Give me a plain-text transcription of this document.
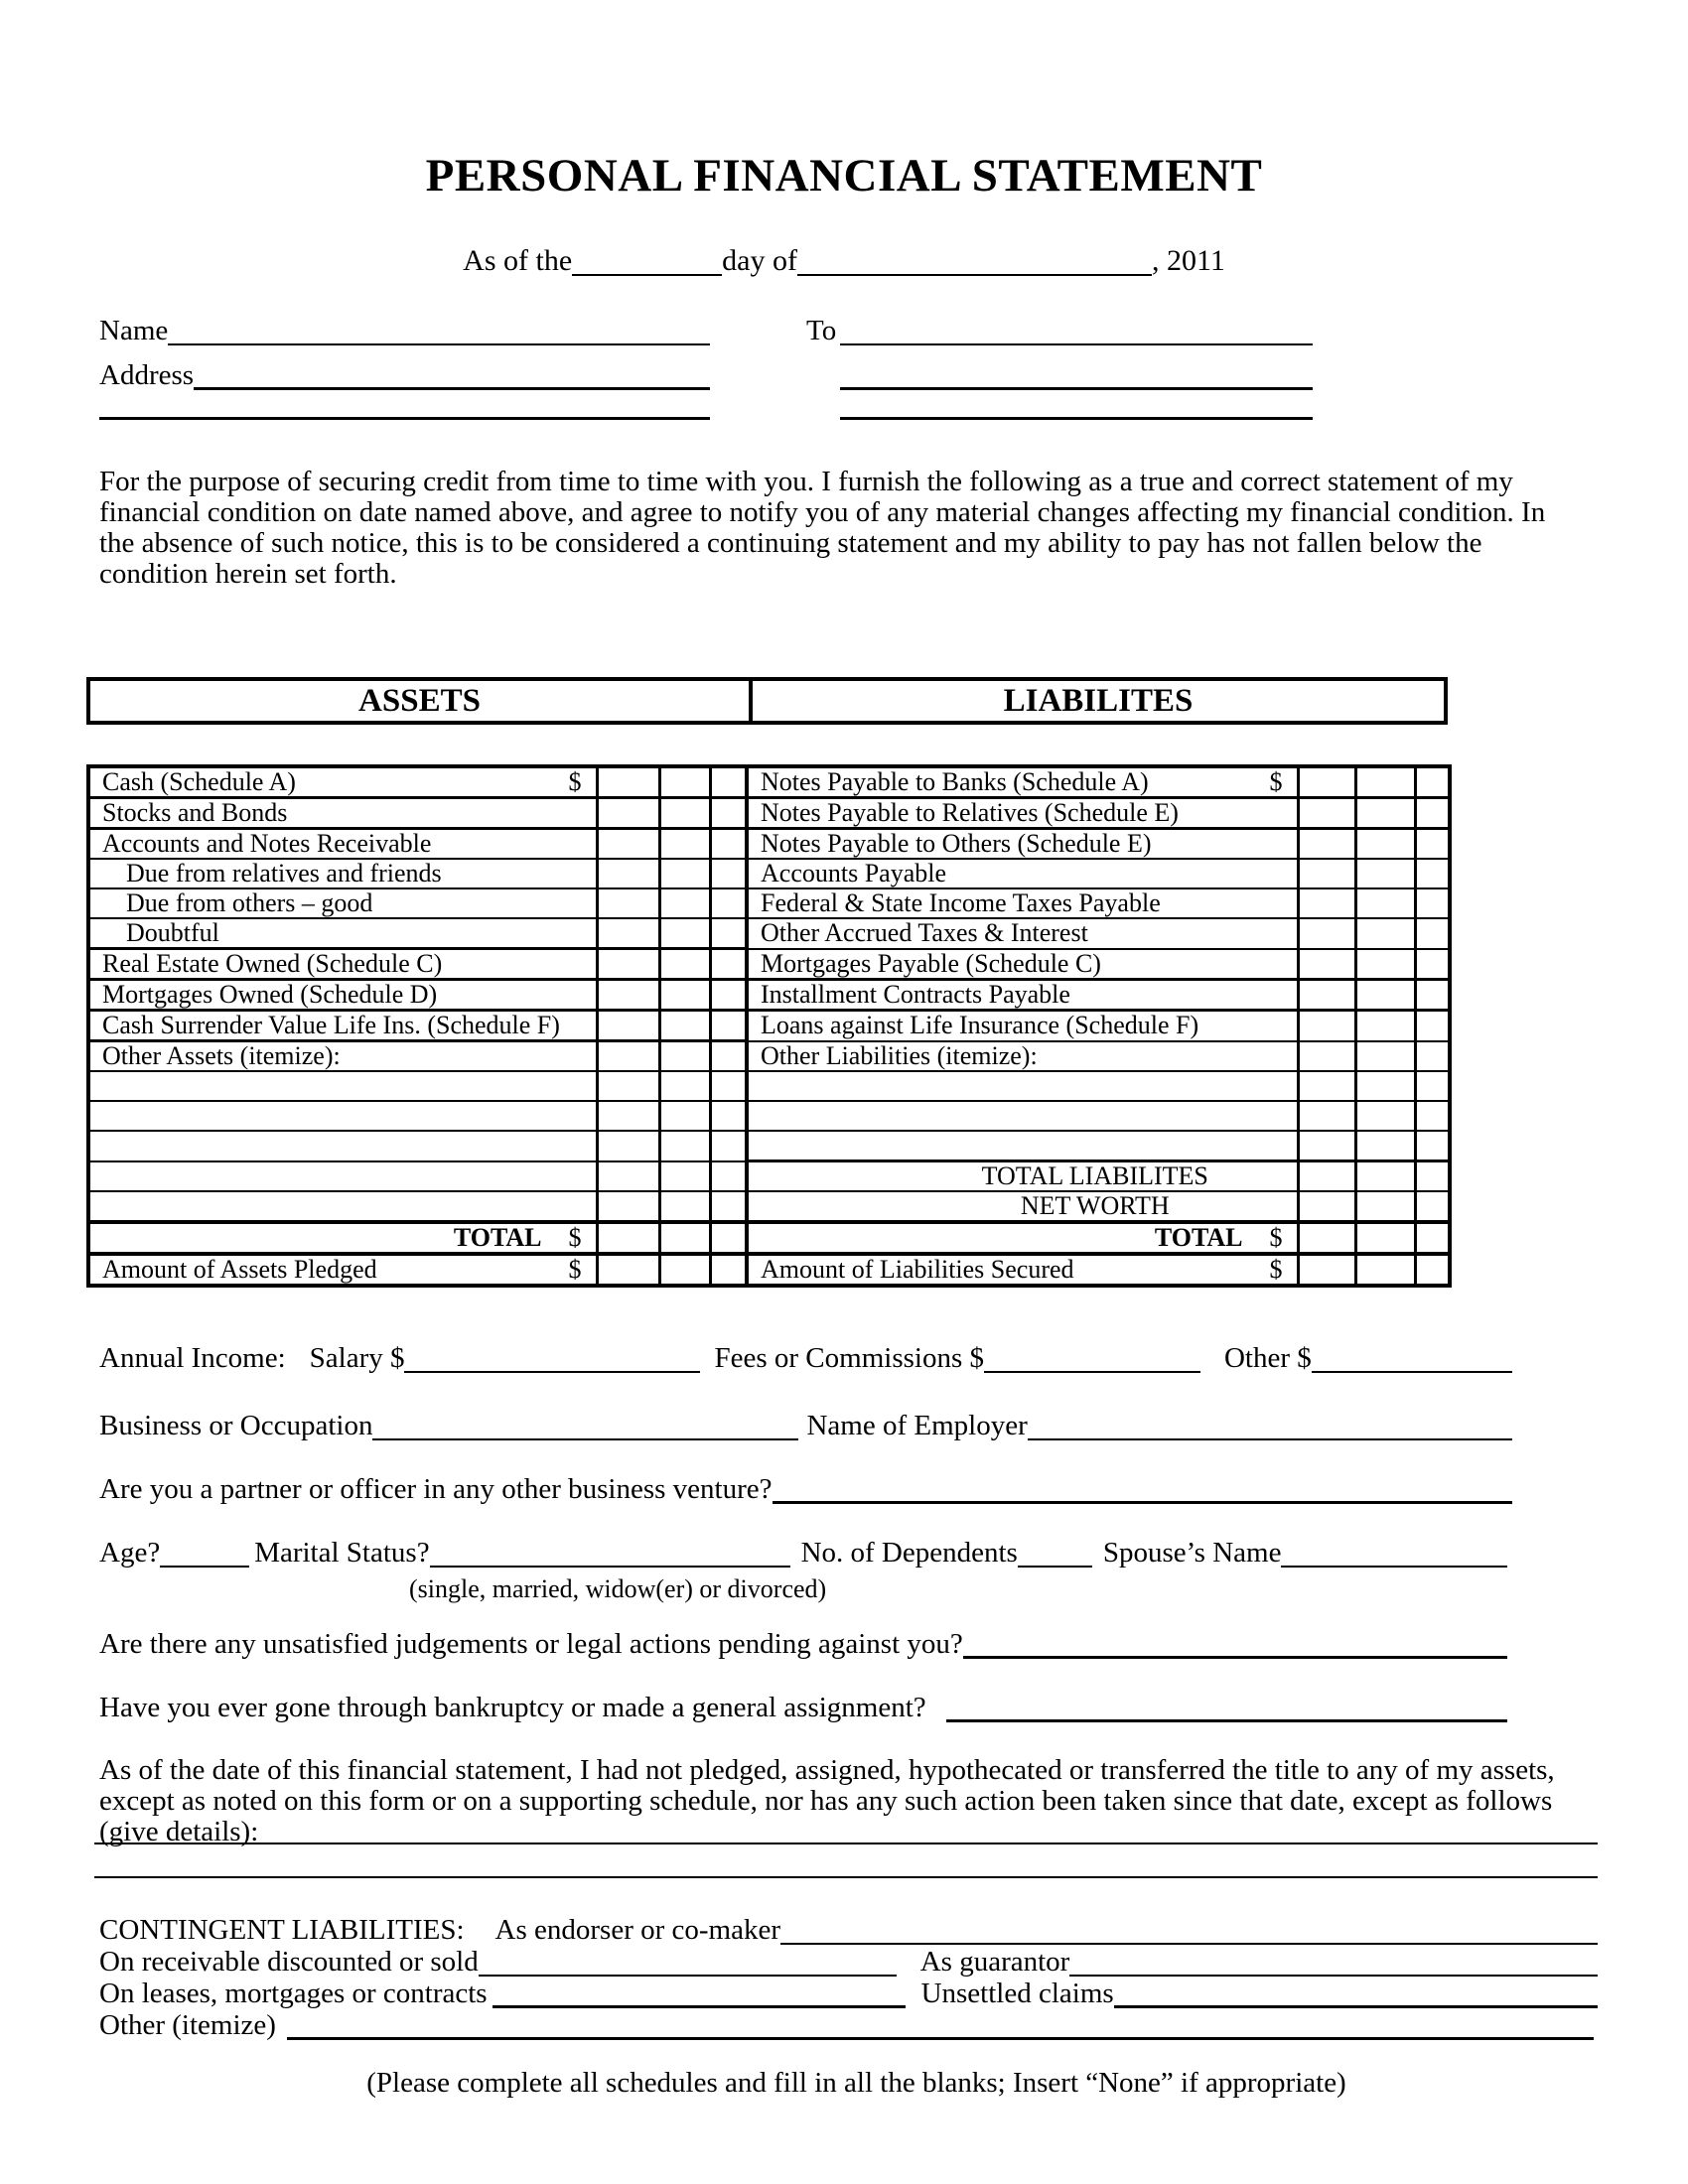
PERSONAL FINANCIAL STATEMENT
As of the	day of	, 2011
Name
Address
To
For the purpose of securing credit from time to time with you. I furnish the following as a true and correct statement of my financial condition on date named above, and agree to notify you of any material changes affecting my financial condition. In the absence of such notice, this is to be considered a continuing statement and my ability to pay has not fallen below the condition herein set forth.
ASSETS	LIABILITES
Cash (Schedule A) $				Notes Payable to Banks (Schedule A) $			

Stocks and Bonds				Notes Payable to Relatives (Schedule E)			
Accounts and Notes Receivable				Notes Payable to Others (Schedule E)			
Due from relatives and friends				Accounts Payable			
Due from others – good				Federal & State Income Taxes Payable			
Doubtful				Other Accrued Taxes & Interest			
Real Estate Owned (Schedule C)				Mortgages Payable (Schedule C)			
Mortgages Owned (Schedule D)				Installment Contracts Payable			
Cash Surrender Value Life Ins. (Schedule F)				Loans against Life Insurance (Schedule F)			
Other Assets (itemize):				Other Liabilities (itemize):			

				TOTAL LIABILITES			
				NET WORTH			

TOTAL $				TOTAL $			

Amount of Assets Pledged $				Amount of Liabilities Secured $			

Annual Income: Salary $	Fees or Commissions $	Other $
Business or Occupation	Name of Employer
Are you a partner or officer in any other business venture?
Age?	Marital Status?	No. of Dependents	Spouse’s Name
(single, married, widow(er) or divorced)
Are there any unsatisfied judgements or legal actions pending against you?
Have you ever gone through bankruptcy or made a general assignment?
As of the date of this financial statement, I had not pledged, assigned, hypothecated or transferred the title to any of my assets, except as noted on this form or on a supporting schedule, nor has any such action been taken since that date, except as follows (give details):
CONTINGENT LIABILITIES: As endorser or co-maker
On receivable discounted or sold	As guarantor
On leases, mortgages or contracts	Unsettled claims
Other (itemize)
(Please complete all schedules and fill in all the blanks; Insert “None” if appropriate)
